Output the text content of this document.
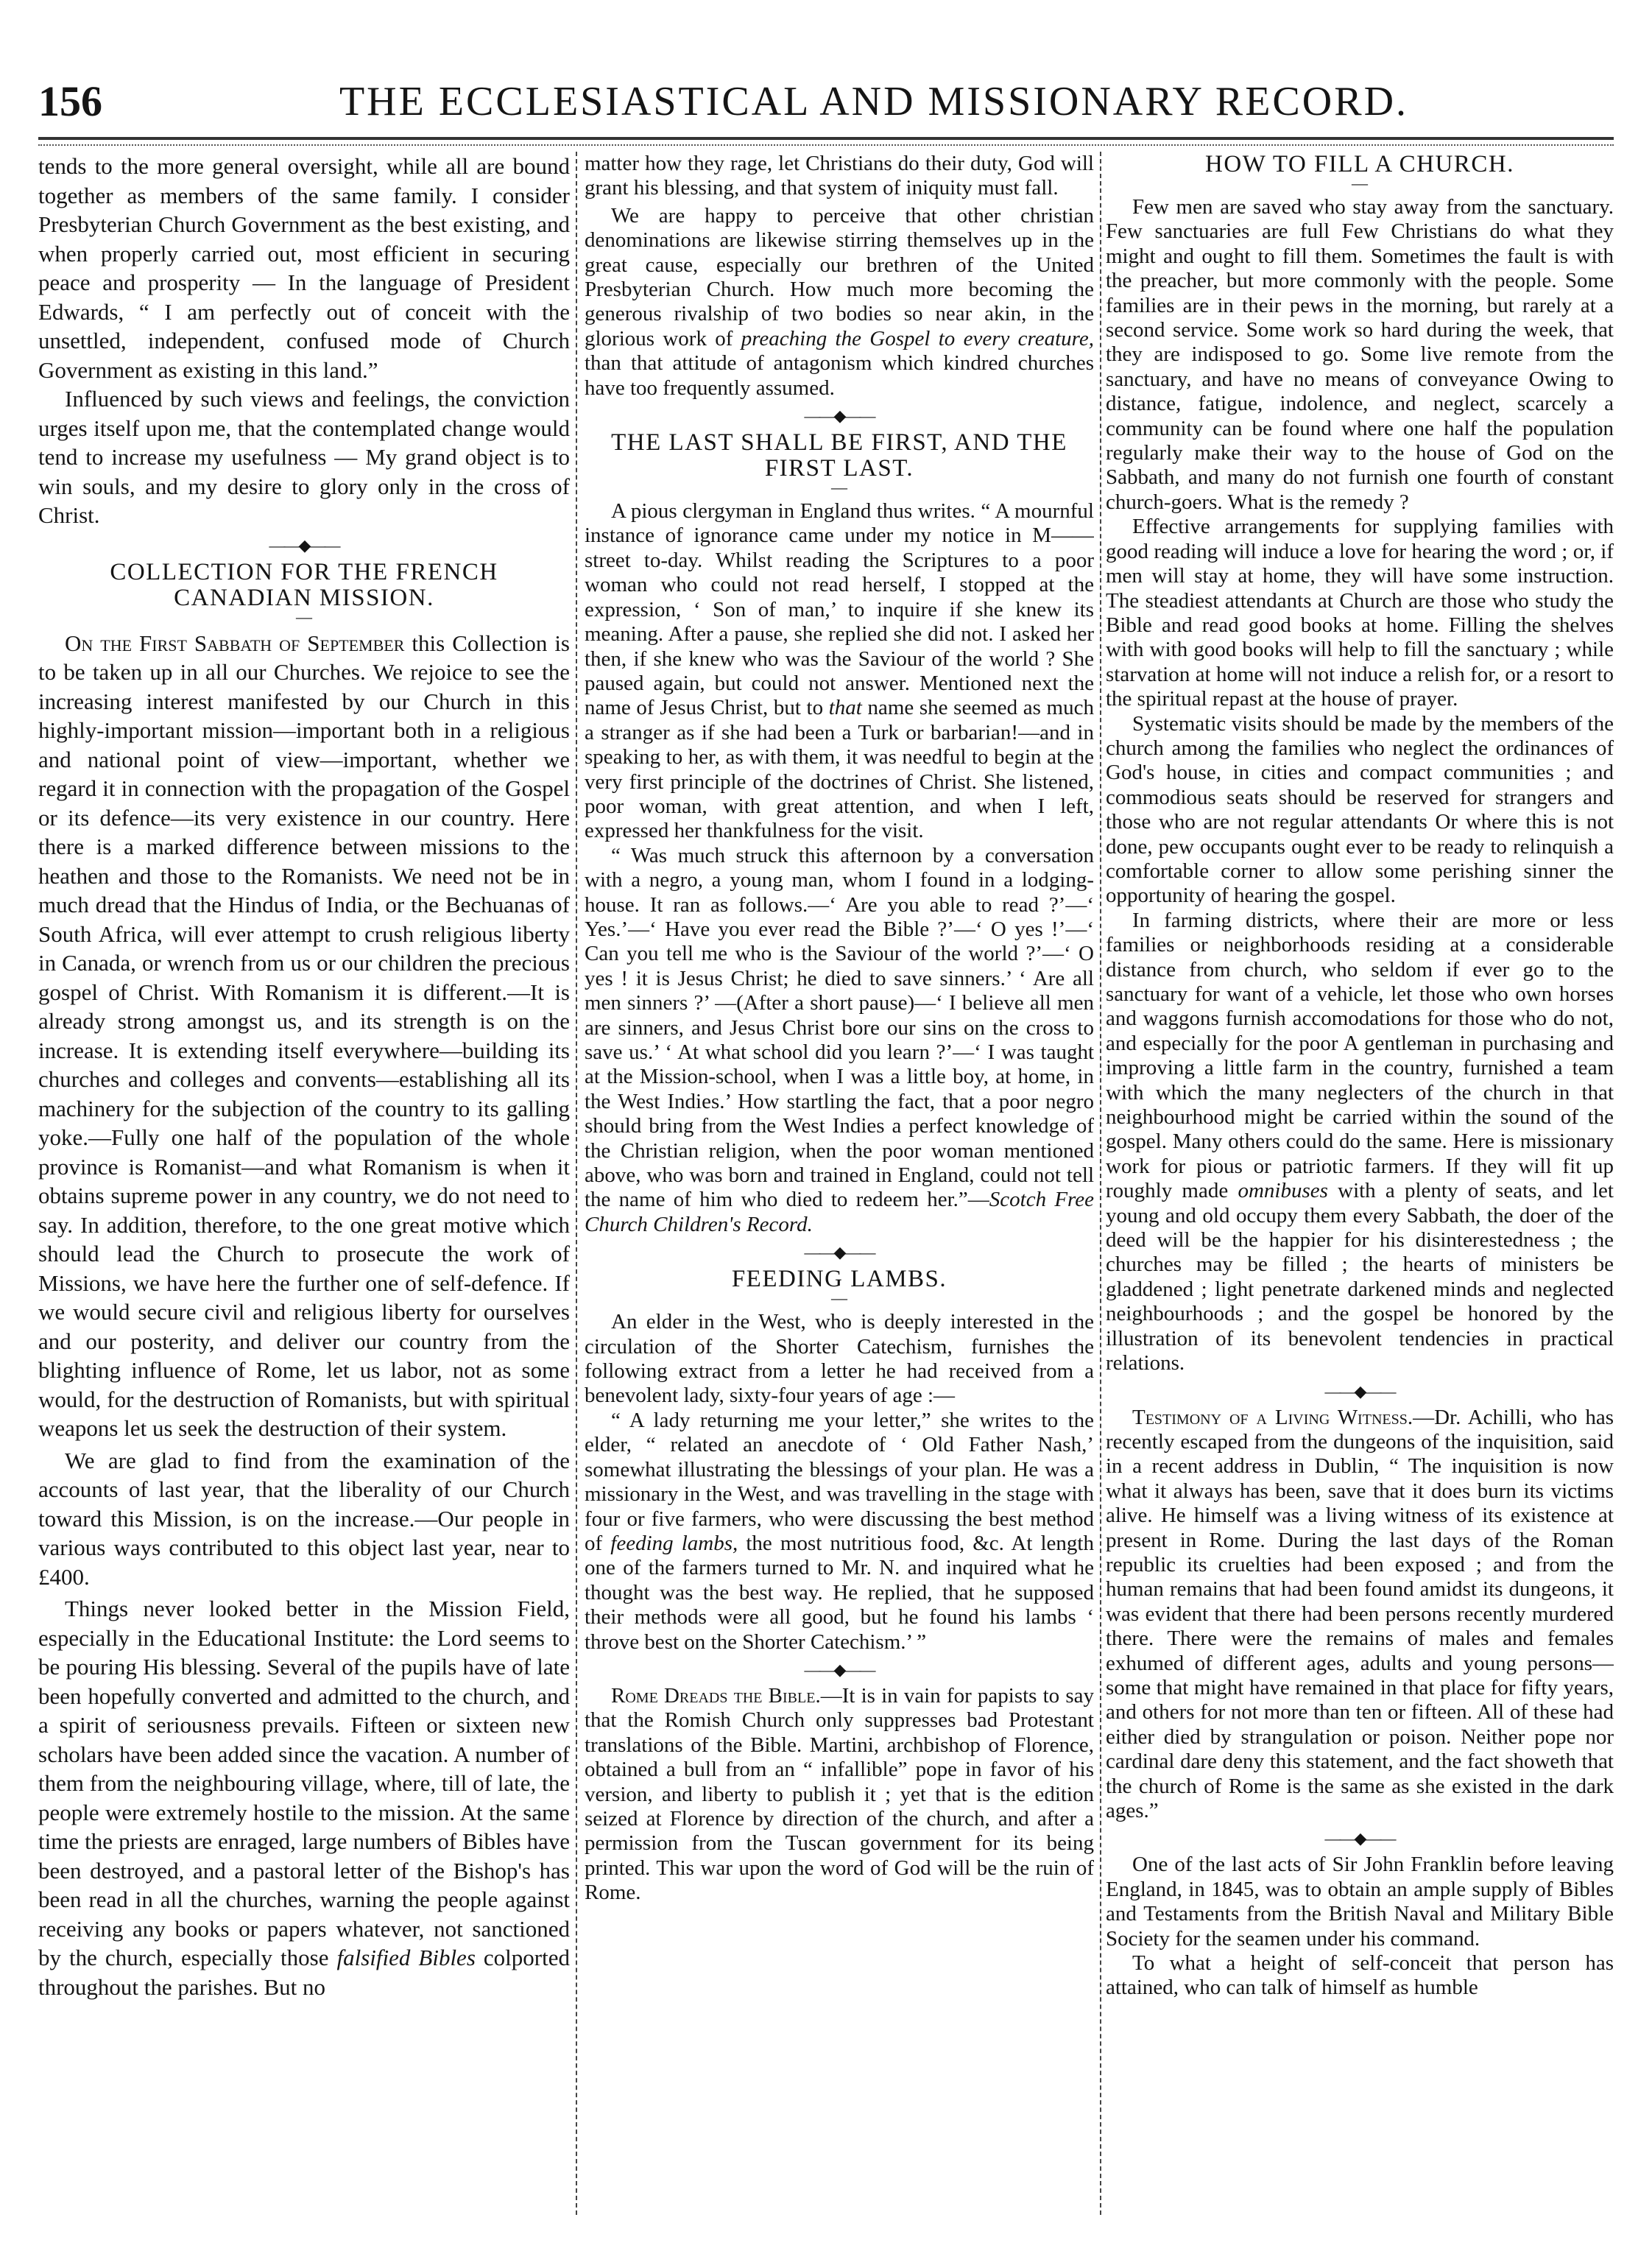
156	THE ECCLESIASTICAL AND MISSIONARY RECORD.

tends to the more general oversight, while all are bound together as members of the same family. I consider Presbyterian Church Government as the best existing, and when properly carried out, most efficient in securing peace and prosperity — In the language of President Edwards, “ I am perfectly out of conceit with the unsettled, independent, confused mode of Church Government as existing in this land.”

Influenced by such views and feelings, the conviction urges itself upon me, that the contemplated change would tend to increase my usefulness — My grand object is to win souls, and my desire to glory only in the cross of Christ.

——◆——
COLLECTION FOR THE FRENCH CANADIAN MISSION.
—

On the First Sabbath of September this Collection is to be taken up in all our Churches. We rejoice to see the increasing interest manifested by our Church in this highly-important mission—important both in a religious and national point of view—important, whether we regard it in connection with the propagation of the Gospel or its defence—its very existence in our country. Here there is a marked difference between missions to the heathen and those to the Romanists. We need not be in much dread that the Hindus of India, or the Bechuanas of South Africa, will ever attempt to crush religious liberty in Canada, or wrench from us or our children the precious gospel of Christ. With Romanism it is different.—It is already strong amongst us, and its strength is on the increase. It is extending itself everywhere—building its churches and colleges and convents—establishing all its machinery for the subjection of the country to its galling yoke.—Fully one half of the population of the whole province is Romanist—and what Romanism is when it obtains supreme power in any country, we do not need to say. In addition, therefore, to the one great motive which should lead the Church to prosecute the work of Missions, we have here the further one of self-defence. If we would secure civil and religious liberty for ourselves and our posterity, and deliver our country from the blighting influence of Rome, let us labor, not as some would, for the destruction of Romanists, but with spiritual weapons let us seek the destruction of their system.

We are glad to find from the examination of the accounts of last year, that the liberality of our Church toward this Mission, is on the increase.—Our people in various ways contributed to this object last year, near to £400.

Things never looked better in the Mission Field, especially in the Educational Institute: the Lord seems to be pouring His blessing. Several of the pupils have of late been hopefully converted and admitted to the church, and a spirit of seriousness prevails. Fifteen or sixteen new scholars have been added since the vacation. A number of them from the neighbouring village, where, till of late, the people were extremely hostile to the mission. At the same time the priests are enraged, large numbers of Bibles have been destroyed, and a pastoral letter of the Bishop's has been read in all the churches, warning the people against receiving any books or papers whatever, not sanctioned by the church, especially those falsified Bibles colported throughout the parishes. But no

matter how they rage, let Christians do their duty, God will grant his blessing, and that system of iniquity must fall.

We are happy to perceive that other christian denominations are likewise stirring themselves up in the great cause, especially our brethren of the United Presbyterian Church. How much more becoming the generous rivalship of two bodies so near akin, in the glorious work of preaching the Gospel to every creature, than that attitude of antagonism which kindred churches have too frequently assumed.

——◆——
THE LAST SHALL BE FIRST, AND THE FIRST LAST.
—

A pious clergyman in England thus writes. “ A mournful instance of ignorance came under my notice in M—— street to-day. Whilst reading the Scriptures to a poor woman who could not read herself, I stopped at the expression, ‘ Son of man,’ to inquire if she knew its meaning. After a pause, she replied she did not. I asked her then, if she knew who was the Saviour of the world ? She paused again, but could not answer. Mentioned next the name of Jesus Christ, but to that name she seemed as much a stranger as if she had been a Turk or barbarian!—and in speaking to her, as with them, it was needful to begin at the very first principle of the doctrines of Christ. She listened, poor woman, with great attention, and when I left, expressed her thankfulness for the visit.

“ Was much struck this afternoon by a conversation with a negro, a young man, whom I found in a lodging-house. It ran as follows.—‘ Are you able to read ?’—‘ Yes.’—‘ Have you ever read the Bible ?’—‘ O yes !’—‘ Can you tell me who is the Saviour of the world ?’—‘ O yes ! it is Jesus Christ; he died to save sinners.’ ‘ Are all men sinners ?’ —(After a short pause)—‘ I believe all men are sinners, and Jesus Christ bore our sins on the cross to save us.’ ‘ At what school did you learn ?’—‘ I was taught at the Mission-school, when I was a little boy, at home, in the West Indies.’ How startling the fact, that a poor negro should bring from the West Indies a perfect knowledge of the Christian religion, when the poor woman mentioned above, who was born and trained in England, could not tell the name of him who died to redeem her.”—Scotch Free Church Children's Record.

——◆——
FEEDING LAMBS.
—

An elder in the West, who is deeply interested in the circulation of the Shorter Catechism, furnishes the following extract from a letter he had received from a benevolent lady, sixty-four years of age :—

“ A lady returning me your letter,” she writes to the elder, “ related an anecdote of ‘ Old Father Nash,’ somewhat illustrating the blessings of your plan. He was a missionary in the West, and was travelling in the stage with four or five farmers, who were discussing the best method of feeding lambs, the most nutritious food, &c. At length one of the farmers turned to Mr. N. and inquired what he thought was the best way. He replied, that he supposed their methods were all good, but he found his lambs ‘ throve best on the Shorter Catechism.’ ”

——◆——

Rome Dreads the Bible.—It is in vain for papists to say that the Romish Church only suppresses bad Protestant translations of the Bible. Martini, archbishop of Florence, obtained a bull from an “ infallible” pope in favor of his version, and liberty to publish it ; yet that is the edition seized at Florence by direction of the church, and after a permission from the Tuscan government for its being printed. This war upon the word of God will be the ruin of Rome.

HOW TO FILL A CHURCH.
—

Few men are saved who stay away from the sanctuary. Few sanctuaries are full Few Christians do what they might and ought to fill them. Sometimes the fault is with the preacher, but more commonly with the people. Some families are in their pews in the morning, but rarely at a second service. Some work so hard during the week, that they are indisposed to go. Some live remote from the sanctuary, and have no means of conveyance Owing to distance, fatigue, indolence, and neglect, scarcely a community can be found where one half the population regularly make their way to the house of God on the Sabbath, and many do not furnish one fourth of constant church-goers. What is the remedy ?

Effective arrangements for supplying families with good reading will induce a love for hearing the word ; or, if men will stay at home, they will have some instruction. The steadiest attendants at Church are those who study the Bible and read good books at home. Filling the shelves with with good books will help to fill the sanctuary ; while starvation at home will not induce a relish for, or a resort to the spiritual repast at the house of prayer.

Systematic visits should be made by the members of the church among the families who neglect the ordinances of God's house, in cities and compact communities ; and commodious seats should be reserved for strangers and those who are not regular attendants Or where this is not done, pew occupants ought ever to be ready to relinquish a comfortable corner to allow some perishing sinner the opportunity of hearing the gospel.

In farming districts, where their are more or less families or neighborhoods residing at a considerable distance from church, who seldom if ever go to the sanctuary for want of a vehicle, let those who own horses and waggons furnish accomodations for those who do not, and especially for the poor A gentleman in purchasing and improving a little farm in the country, furnished a team with which the many neglecters of the church in that neighbourhood might be carried within the sound of the gospel. Many others could do the same. Here is missionary work for pious or patriotic farmers. If they will fit up roughly made omnibuses with a plenty of seats, and let young and old occupy them every Sabbath, the doer of the deed will be the happier for his disinterestedness ; the churches may be filled ; the hearts of ministers be gladdened ; light penetrate darkened minds and neglected neighbourhoods ; and the gospel be honored by the illustration of its benevolent tendencies in practical relations.

——◆——

Testimony of a Living Witness.—Dr. Achilli, who has recently escaped from the dungeons of the inquisition, said in a recent address in Dublin, “ The inquisition is now what it always has been, save that it does burn its victims alive. He himself was a living witness of its existence at present in Rome. During the last days of the Roman republic its cruelties had been exposed ; and from the human remains that had been found amidst its dungeons, it was evident that there had been persons recently murdered there. There were the remains of males and females exhumed of different ages, adults and young persons—some that might have remained in that place for fifty years, and others for not more than ten or fifteen. All of these had either died by strangulation or poison. Neither pope nor cardinal dare deny this statement, and the fact showeth that the church of Rome is the same as she existed in the dark ages.”

——◆——

One of the last acts of Sir John Franklin before leaving England, in 1845, was to obtain an ample supply of Bibles and Testaments from the British Naval and Military Bible Society for the seamen under his command.

To what a height of self-conceit that person has attained, who can talk of himself as humble
